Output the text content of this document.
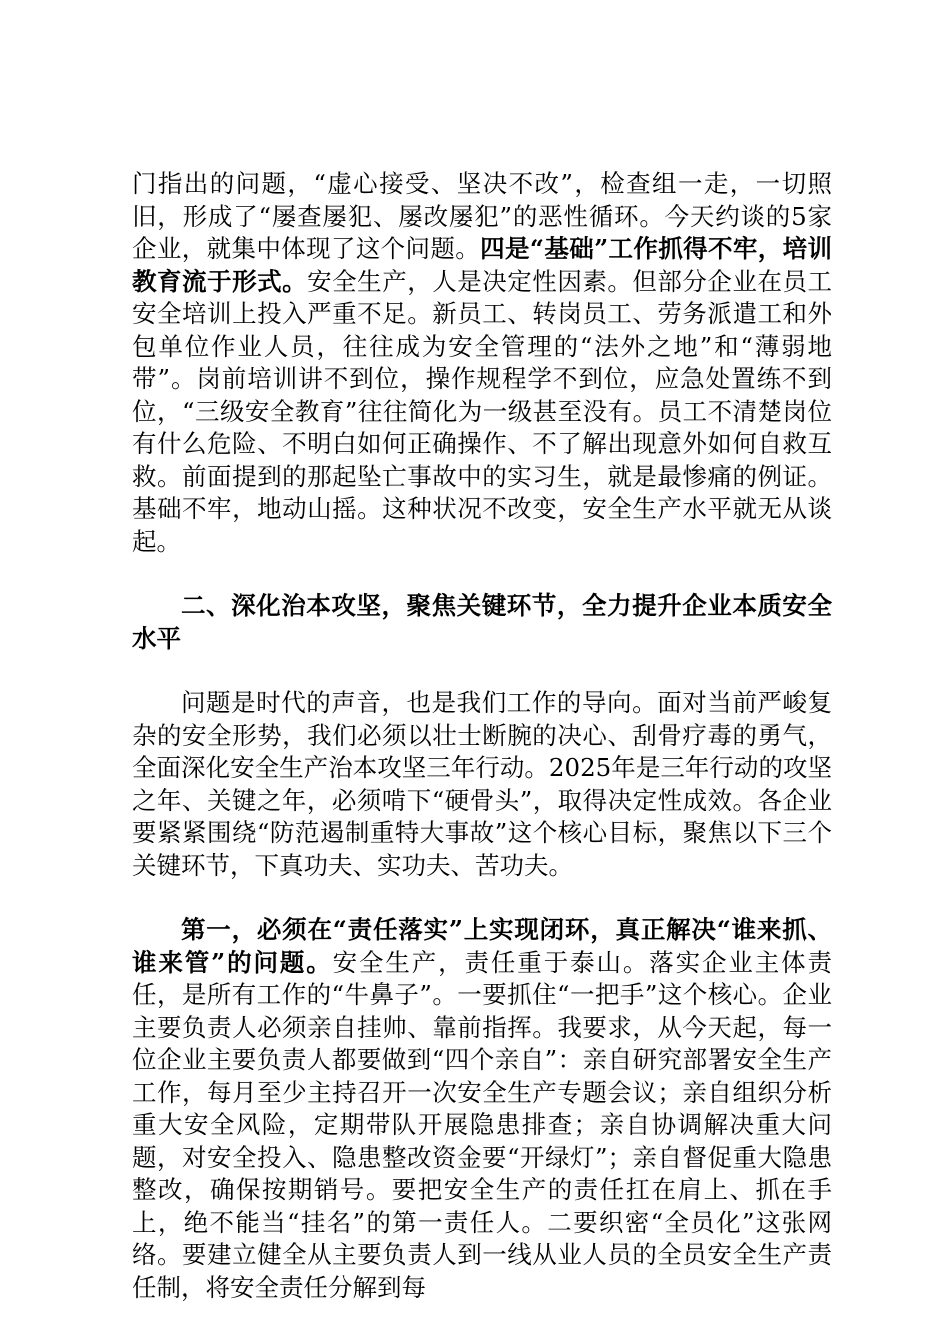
门指出的问题，“虚心接受、坚决不改”，检查组一走，一切照旧，形成了“屡查屡犯、屡改屡犯”的恶性循环。今天约谈的5家企业，就集中体现了这个问题。四是“基础”工作抓得不牢，培训教育流于形式。安全生产，人是决定性因素。但部分企业在员工安全培训上投入严重不足。新员工、转岗员工、劳务派遣工和外包单位作业人员，往往成为安全管理的“法外之地”和“薄弱地带”。岗前培训讲不到位，操作规程学不到位，应急处置练不到位，“三级安全教育”往往简化为一级甚至没有。员工不清楚岗位有什么危险、不明白如何正确操作、不了解出现意外如何自救互救。前面提到的那起坠亡事故中的实习生，就是最惨痛的例证。基础不牢，地动山摇。这种状况不改变，安全生产水平就无从谈起。

二、深化治本攻坚，聚焦关键环节，全力提升企业本质安全水平

问题是时代的声音，也是我们工作的导向。面对当前严峻复杂的安全形势，我们必须以壮士断腕的决心、刮骨疗毒的勇气，全面深化安全生产治本攻坚三年行动。2025年是三年行动的攻坚之年、关键之年，必须啃下“硬骨头”，取得决定性成效。各企业要紧紧围绕“防范遏制重特大事故”这个核心目标，聚焦以下三个关键环节，下真功夫、实功夫、苦功夫。

第一，必须在“责任落实”上实现闭环，真正解决“谁来抓、谁来管”的问题。安全生产，责任重于泰山。落实企业主体责任，是所有工作的“牛鼻子”。一要抓住“一把手”这个核心。企业主要负责人必须亲自挂帅、靠前指挥。我要求，从今天起，每一位企业主要负责人都要做到“四个亲自”：亲自研究部署安全生产工作，每月至少主持召开一次安全生产专题会议；亲自组织分析重大安全风险，定期带队开展隐患排查；亲自协调解决重大问题，对安全投入、隐患整改资金要“开绿灯”；亲自督促重大隐患整改，确保按期销号。要把安全生产的责任扛在肩上、抓在手上，绝不能当“挂名”的第一责任人。二要织密“全员化”这张网络。要建立健全从主要负责人到一线从业人员的全员安全生产责任制，将安全责任分解到每
